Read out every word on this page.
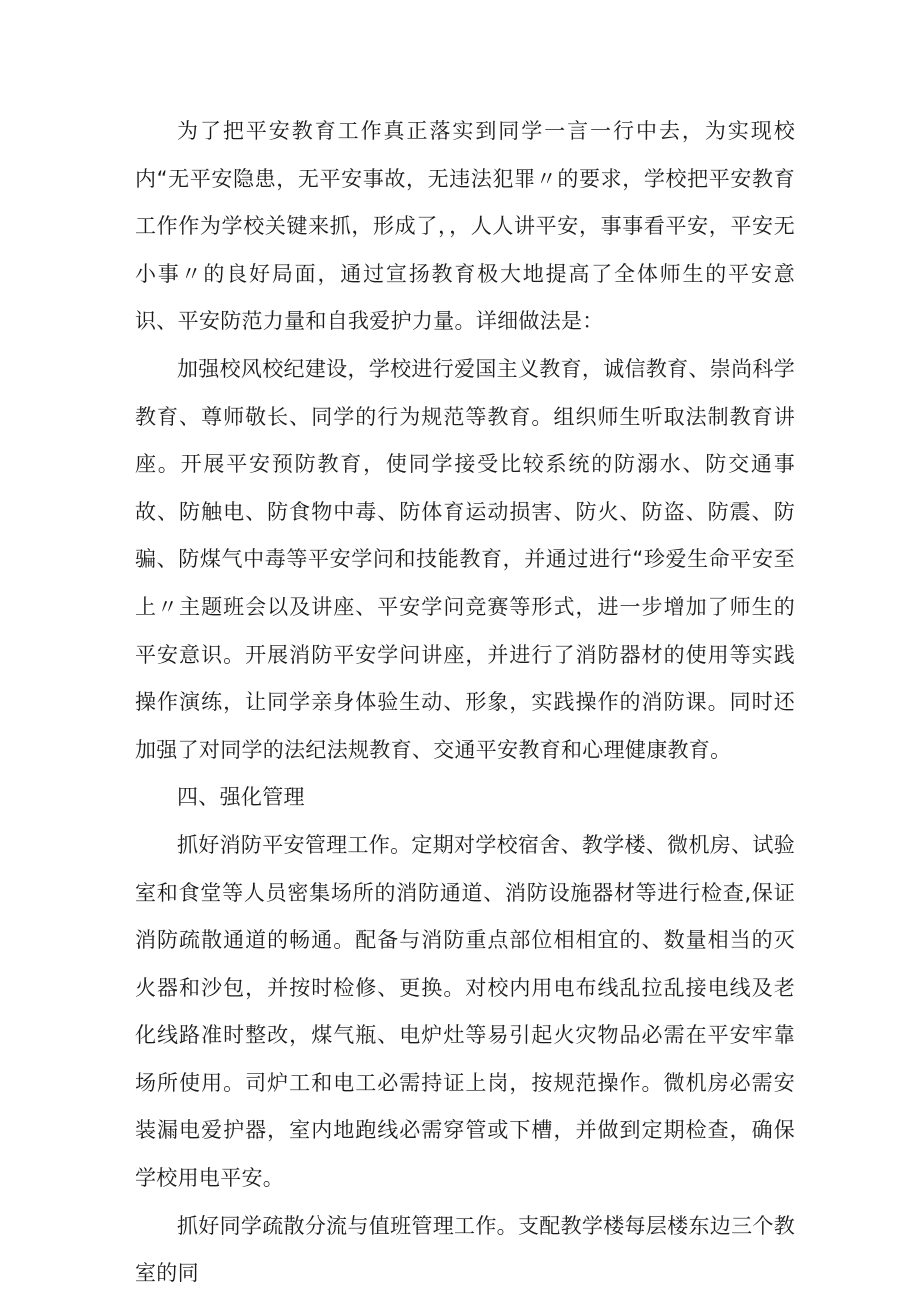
为了把平安教育工作真正落实到同学一言一行中去，为实现校内“无平安隐患，无平安事故，无违法犯罪〃的要求，学校把平安教育工作作为学校关键来抓，形成了，，人人讲平安，事事看平安，平安无小事〃的良好局面，通过宣扬教育极大地提高了全体师生的平安意识、平安防范力量和自我爱护力量。详细做法是：

加强校风校纪建设，学校进行爱国主义教育，诚信教育、崇尚科学教育、尊师敬长、同学的行为规范等教育。组织师生听取法制教育讲座。开展平安预防教育，使同学接受比较系统的防溺水、防交通事故、防触电、防食物中毒、防体育运动损害、防火、防盗、防震、防骗、防煤气中毒等平安学问和技能教育，并通过进行“珍爱生命平安至上〃主题班会以及讲座、平安学问竞赛等形式，进一步增加了师生的平安意识。开展消防平安学问讲座，并进行了消防器材的使用等实践操作演练，让同学亲身体验生动、形象，实践操作的消防课。同时还加强了对同学的法纪法规教育、交通平安教育和心理健康教育。

四、强化管理

抓好消防平安管理工作。定期对学校宿舍、教学楼、微机房、试验室和食堂等人员密集场所的消防通道、消防设施器材等进行检查,保证消防疏散通道的畅通。配备与消防重点部位相相宜的、数量相当的灭火器和沙包，并按时检修、更换。对校内用电布线乱拉乱接电线及老化线路准时整改，煤气瓶、电炉灶等易引起火灾物品必需在平安牢靠场所使用。司炉工和电工必需持证上岗，按规范操作。微机房必需安装漏电爱护器，室内地跑线必需穿管或下槽，并做到定期检查，确保学校用电平安。

抓好同学疏散分流与值班管理工作。支配教学楼每层楼东边三个教室的同
